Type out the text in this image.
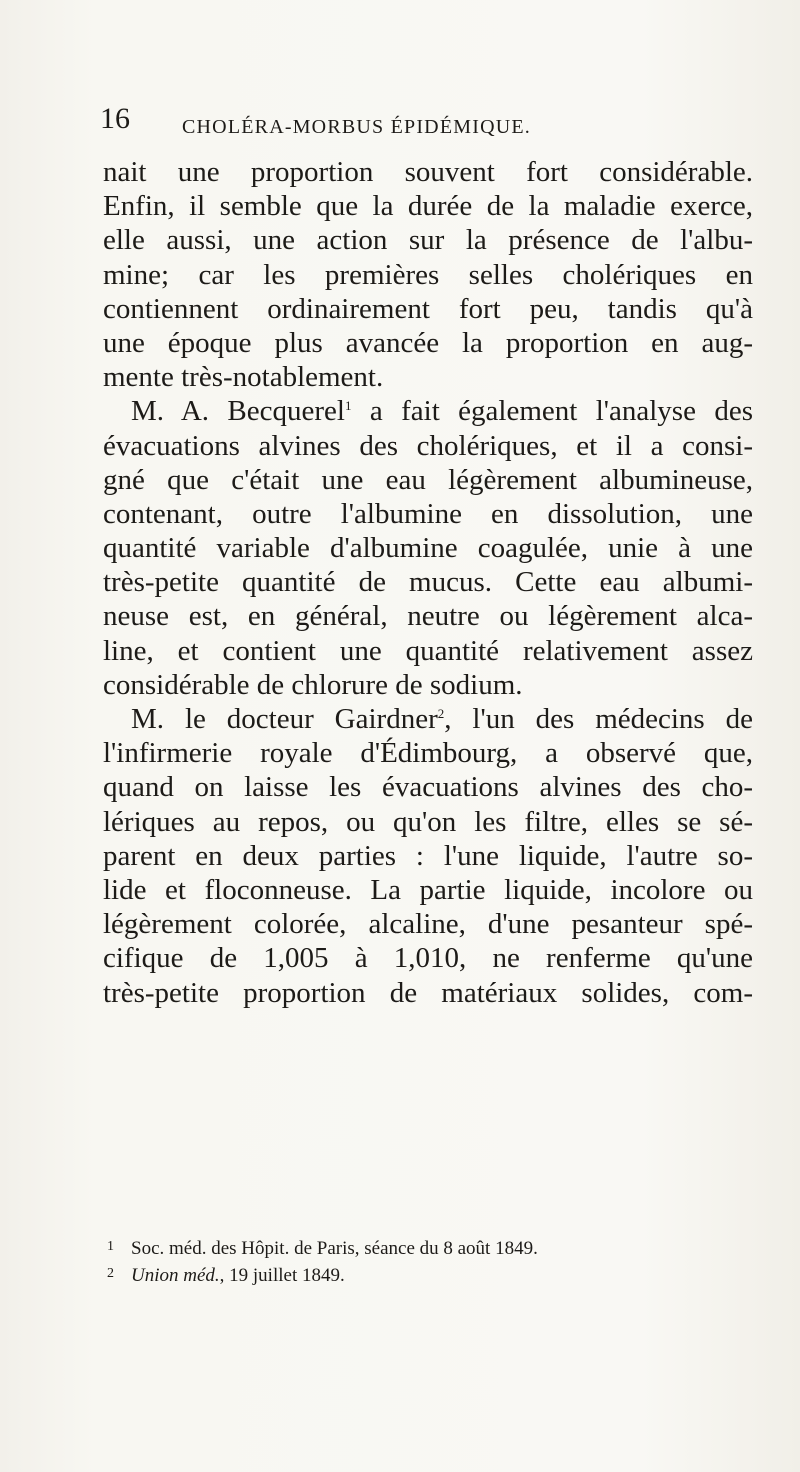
16	CHOLÉRA-MORBUS ÉPIDÉMIQUE.
nait une proportion souvent fort considérable.
Enfin, il semble que la durée de la maladie exerce,
elle aussi, une action sur la présence de l'albu-
mine; car les premières selles cholériques en
contiennent ordinairement fort peu, tandis qu'à
une époque plus avancée la proportion en aug-
mente très-notablement.
M. A. Becquerel$^1$ a fait également l'analyse des
évacuations alvines des cholériques, et il a consi-
gné que c'était une eau légèrement albumineuse,
contenant, outre l'albumine en dissolution, une
quantité variable d'albumine coagulée, unie à une
très-petite quantité de mucus. Cette eau albumi-
neuse est, en général, neutre ou légèrement alca-
line, et contient une quantité relativement assez
considérable de chlorure de sodium.
M. le docteur Gairdner$^2$, l'un des médecins de
l'infirmerie royale d'Édimbourg, a observé que,
quand on laisse les évacuations alvines des cho-
lériques au repos, ou qu'on les filtre, elles se sé-
parent en deux parties : l'une liquide, l'autre so-
lide et floconneuse. La partie liquide, incolore ou
légèrement colorée, alcaline, d'une pesanteur spé-
cifique de 1,005 à 1,010, ne renferme qu'une
très-petite proportion de matériaux solides, com-
1 Soc. méd. des Hôpit. de Paris, séance du 8 août 1849.
2 Union méd., 19 juillet 1849.
